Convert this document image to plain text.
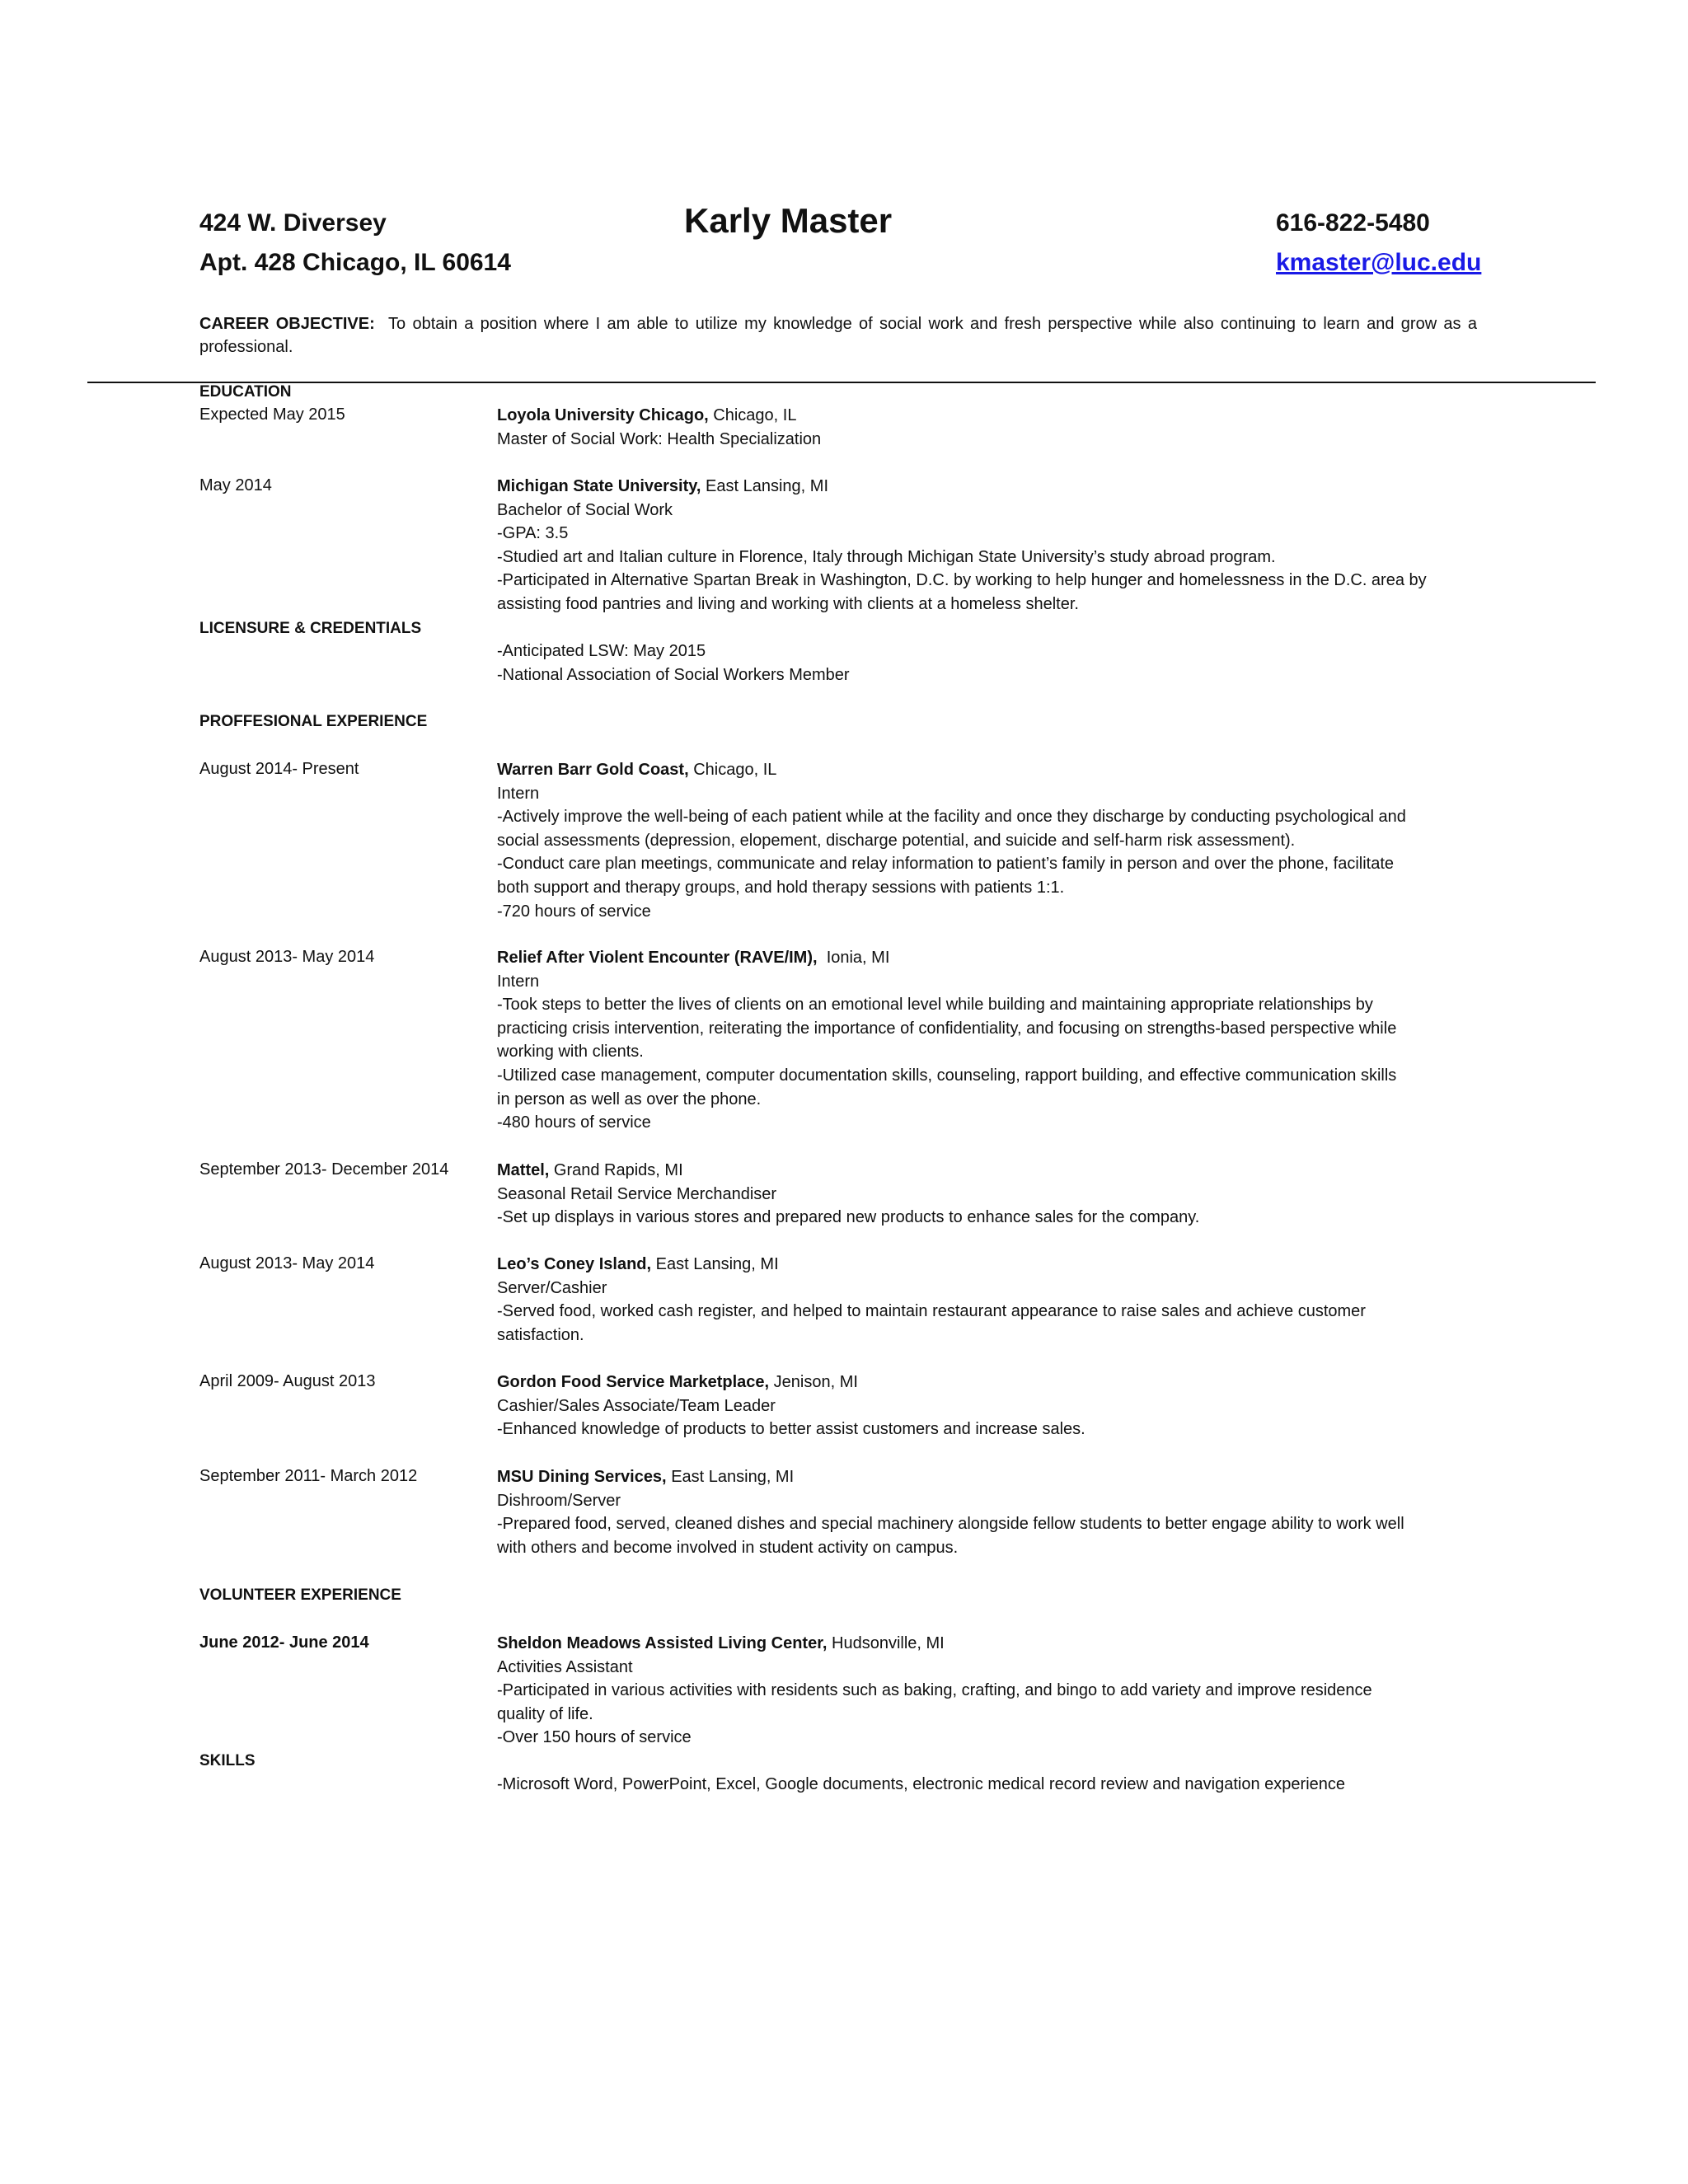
424 W. Diversey
Apt. 428 Chicago, IL 60614
Karly Master	616-822-5480
kmaster@luc.edu
CAREER OBJECTIVE: To obtain a position where I am able to utilize my knowledge of social work and fresh perspective while also continuing to learn and grow as a professional.
EDUCATION
Expected May 2015	Loyola University Chicago, Chicago, IL
Master of Social Work: Health Specialization
May 2014	Michigan State University, East Lansing, MI
Bachelor of Social Work
-GPA: 3.5
-Studied art and Italian culture in Florence, Italy through Michigan State University’s study abroad program.
-Participated in Alternative Spartan Break in Washington, D.C. by working to help hunger and homelessness in the D.C. area by
assisting food pantries and living and working with clients at a homeless shelter.
LICENSURE & CREDENTIALS
-Anticipated LSW: May 2015
-National Association of Social Workers Member
PROFFESIONAL EXPERIENCE
August 2014- Present	Warren Barr Gold Coast, Chicago, IL
Intern
-Actively improve the well-being of each patient while at the facility and once they discharge by conducting psychological and
social assessments (depression, elopement, discharge potential, and suicide and self-harm risk assessment).
-Conduct care plan meetings, communicate and relay information to patient’s family in person and over the phone, facilitate
both support and therapy groups, and hold therapy sessions with patients 1:1.
-720 hours of service
August 2013- May 2014	Relief After Violent Encounter (RAVE/IM), Ionia, MI
Intern
-Took steps to better the lives of clients on an emotional level while building and maintaining appropriate relationships by
practicing crisis intervention, reiterating the importance of confidentiality, and focusing on strengths-based perspective while
working with clients.
-Utilized case management, computer documentation skills, counseling, rapport building, and effective communication skills
in person as well as over the phone.
-480 hours of service
September 2013- December 2014	Mattel, Grand Rapids, MI
Seasonal Retail Service Merchandiser
-Set up displays in various stores and prepared new products to enhance sales for the company.
August 2013- May 2014	Leo’s Coney Island, East Lansing, MI
Server/Cashier
-Served food, worked cash register, and helped to maintain restaurant appearance to raise sales and achieve customer
satisfaction.
April 2009- August 2013	Gordon Food Service Marketplace, Jenison, MI
Cashier/Sales Associate/Team Leader
-Enhanced knowledge of products to better assist customers and increase sales.
September 2011- March 2012	MSU Dining Services, East Lansing, MI
Dishroom/Server
-Prepared food, served, cleaned dishes and special machinery alongside fellow students to better engage ability to work well
with others and become involved in student activity on campus.
VOLUNTEER EXPERIENCE
June 2012- June 2014	Sheldon Meadows Assisted Living Center, Hudsonville, MI
Activities Assistant
-Participated in various activities with residents such as baking, crafting, and bingo to add variety and improve residence
quality of life.
-Over 150 hours of service
SKILLS
-Microsoft Word, PowerPoint, Excel, Google documents, electronic medical record review and navigation experience
